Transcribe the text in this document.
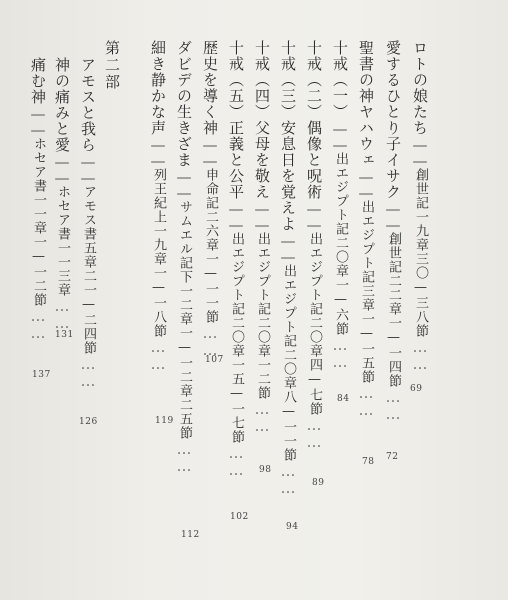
ロトの娘たち——創世記一九章三〇—三八節……
69
愛するひとり子イサク——創世記二二章一—一四節……
72
聖書の神ヤハウェ——出エジプト記三章一—一五節……
78
十戒（一）——出エジプト記二〇章一—六節……
84
十戒（二）偶像と呪術——出エジプト記二〇章四—七節……
89
十戒（三）安息日を覚えよ——出エジプト記二〇章八—一一節……
94
十戒（四）父母を敬え——出エジプト記二〇章一二節……
98
十戒（五）正義と公平——出エジプト記二〇章一五—一七節……
102
歴史を導く神——申命記二六章一—一一節……
107
ダビデの生きざま——サムエル記下一二章一—一二章二五節……
112
細き静かな声——列王紀上一九章一—一八節……
119
第二部
アモスと我ら——アモス書五章二一—二四節……
126
神の痛みと愛——ホセア書一一三章……
131
痛む神——ホセア書一一章一—一二節……
137
